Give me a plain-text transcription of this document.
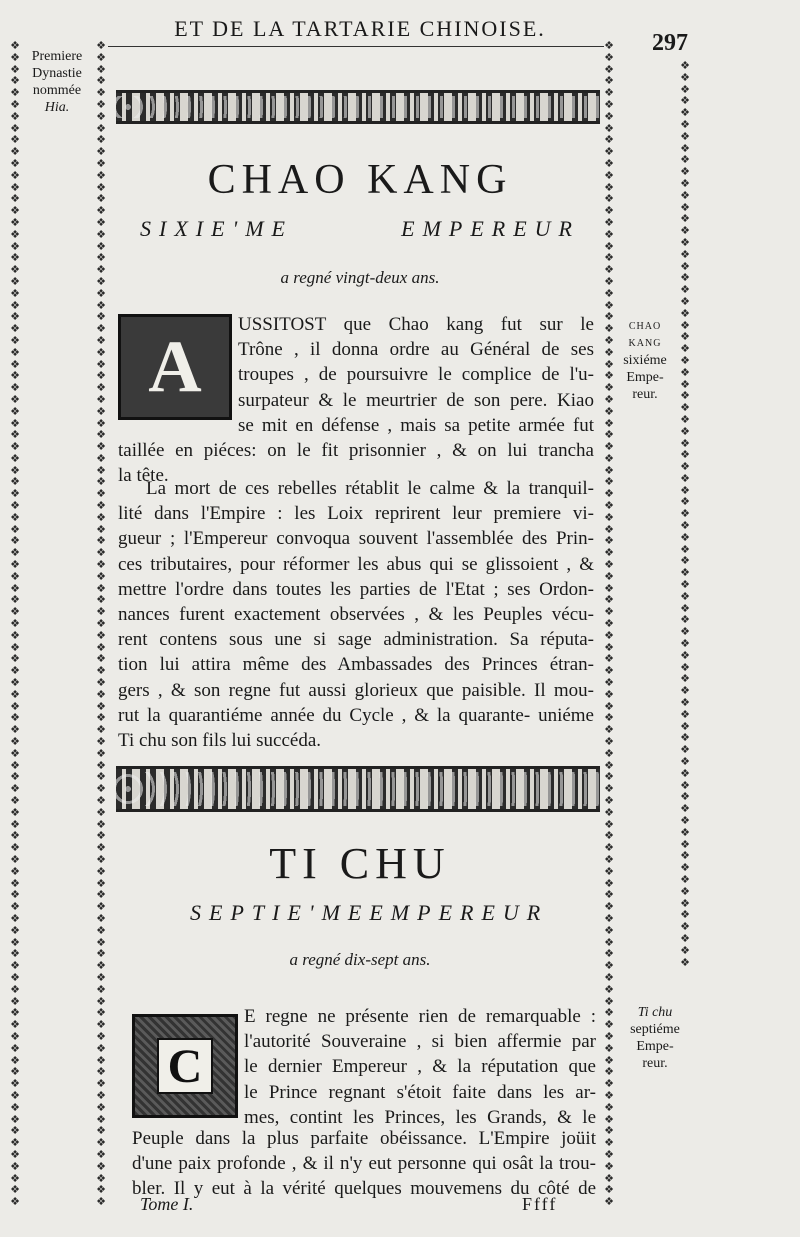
❖
❖
❖
❖
❖
❖
❖
❖
❖
❖
❖
❖
❖
❖
❖
❖
❖
❖
❖
❖
❖
❖
❖
❖
❖
❖
❖
❖
❖
❖
❖
❖
❖
❖
❖
❖
❖
❖
❖
❖
❖
❖
❖
❖
❖
❖
❖
❖
❖
❖
❖
❖
❖
❖
❖
❖
❖
❖
❖
❖
❖
❖
❖
❖
❖
❖
❖
❖
❖
❖
❖
❖
❖
❖
❖
❖
❖
❖
❖
❖
❖
❖
❖
❖
❖
❖
❖
❖
❖
❖
❖
❖
❖
❖
❖
❖
❖
❖
❖
❖
❖
❖
❖
❖
❖
❖
❖
❖
❖
❖
❖
❖
❖
❖
❖
❖
❖
❖
❖
❖
❖
❖
❖
❖
❖
❖
❖
❖
❖
❖
❖
❖
❖
❖
❖
❖
❖
❖
❖
❖
❖
❖
❖
❖
❖
❖
❖
❖
❖
❖
❖
❖
❖
❖
❖
❖
❖
❖
❖
❖
❖
❖
❖
❖
❖
❖
❖
❖
❖
❖
❖
❖
❖
❖
❖
❖
❖
❖
❖
❖
❖
❖
❖
❖
❖
❖
❖
❖
❖
❖
❖
❖
❖
❖
❖
❖
❖
❖
❖
❖
❖
❖
❖
❖
❖
❖
❖
❖
❖
❖
❖
❖
❖
❖
❖
❖
❖
❖
❖
❖
❖
❖
❖
❖
❖
❖
❖
❖
❖
❖
❖
❖
❖
❖
❖
❖
❖
❖
❖
❖
❖
❖
❖
❖
❖
❖
❖
❖
❖
❖
❖
❖
❖
❖
❖
❖
❖
❖
❖
❖
❖
❖
❖
❖
❖
❖
❖
❖
❖
❖
❖
❖
❖
❖
❖
❖
❖
❖
❖
❖
❖
❖
❖
❖
❖
❖
❖
❖
❖
❖
❖
❖
❖
❖
❖
❖
❖
❖
❖
❖
❖
❖
❖
❖
❖
❖
❖
❖
❖
❖
❖
❖
❖
❖
❖
❖
❖
❖
❖
❖
❖
❖
❖
❖
❖
❖
❖
❖
❖
❖
❖
❖
❖
❖
❖
❖
❖
❖
❖
❖
❖
❖
❖
❖
❖
❖
❖
❖
❖
❖
❖
❖
❖
❖
❖
❖
❖
❖
❖
❖
❖
❖
❖
❖
❖
❖
❖
❖
❖
❖
❖
❖
❖
❖
ET DE LA TARTARIE CHINOISE.
297
Premiere
Dynastie
nommée
Hia.
CHAO KANG
SIXIE'ME	EMPEREUR
a regné vingt-deux ans.
A
USSITOST que Chao kang fut sur le
Trône , il donna ordre au Général de ses
troupes , de poursuivre le complice de l'u-
surpateur & le meurtrier de son pere. Kiao
se mit en défense , mais sa petite armée fut
taillée en piéces: on le fit prisonnier , & on lui trancha
la tête.
La mort de ces rebelles rétablit le calme & la tranquil-
lité dans l'Empire : les Loix reprirent leur premiere vi-
gueur ; l'Empereur convoqua souvent l'assemblée des Prin-
ces tributaires, pour réformer les abus qui se glissoient , &
mettre l'ordre dans toutes les parties de l'Etat ; ses Ordon-
nances furent exactement observées , & les Peuples vécu-
rent contens sous une si sage administration. Sa réputa-
tion lui attira même des Ambassades des Princes étran-
gers , & son regne fut aussi glorieux que paisible. Il mou-
rut la quarantiéme année du Cycle , & la quarante- uniéme
Ti chu son fils lui succéda.
CHAO
KANG
sixiéme
Empe-
reur.
TI CHU
SEPTIE'ME EMPEREUR
a regné dix-sept ans.
C
E regne ne présente rien de remarquable :
l'autorité Souveraine , si bien affermie par
le dernier Empereur , & la réputation que
le Prince regnant s'étoit faite dans les ar-
mes, contint les Princes, les Grands, & le
Peuple dans la plus parfaite obéissance. L'Empire joüit
d'une paix profonde , & il n'y eut personne qui osât la trou-
bler. Il y eut à la vérité quelques mouvemens du côté de
Ti chu
septiéme
Empe-
reur.
Tome I.	Ffff
